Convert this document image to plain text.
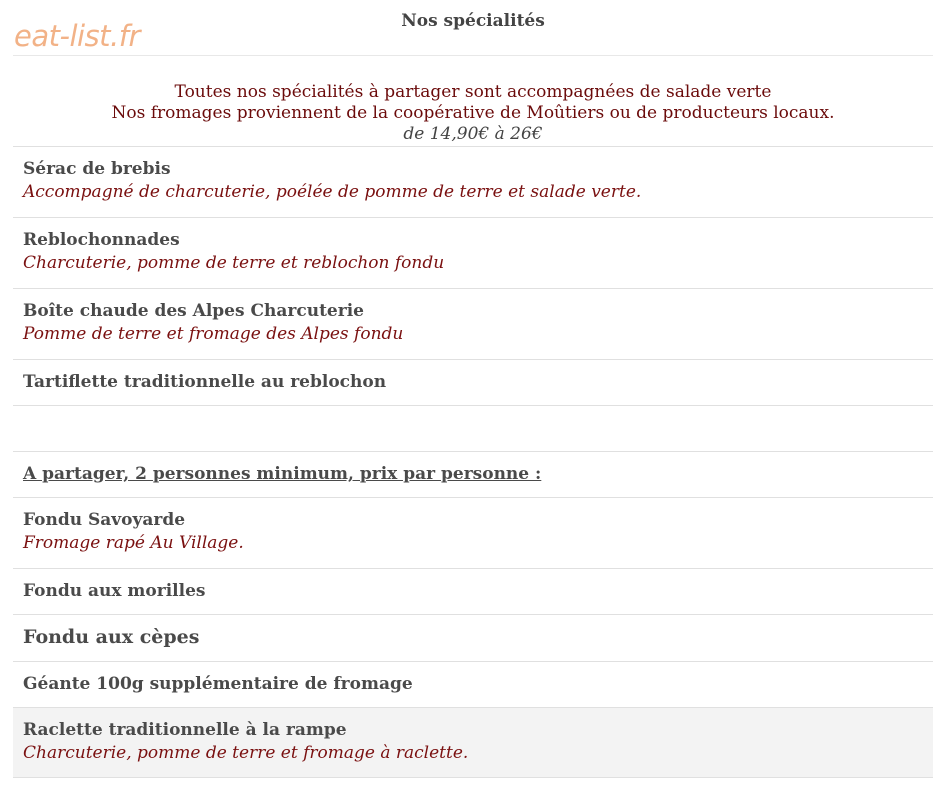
eat-list.fr	Nos spécialités
Toutes nos spécialités à partager sont accompagnées de salade verte
Nos fromages proviennent de la coopérative de Moûtiers ou de producteurs locaux.
de 14,90€ à 26€
Sérac de brebis
Accompagné de charcuterie, poélée de pomme de terre et salade verte.
Reblochonnades
Charcuterie, pomme de terre et reblochon fondu
Boîte chaude des Alpes Charcuterie
Pomme de terre et fromage des Alpes fondu
Tartiflette traditionnelle au reblochon
A partager, 2 personnes minimum, prix par personne :
Fondu Savoyarde
Fromage rapé Au Village.
Fondu aux morilles
Fondu aux cèpes
Géante 100g supplémentaire de fromage
Raclette traditionnelle à la rampe
Charcuterie, pomme de terre et fromage à raclette.
